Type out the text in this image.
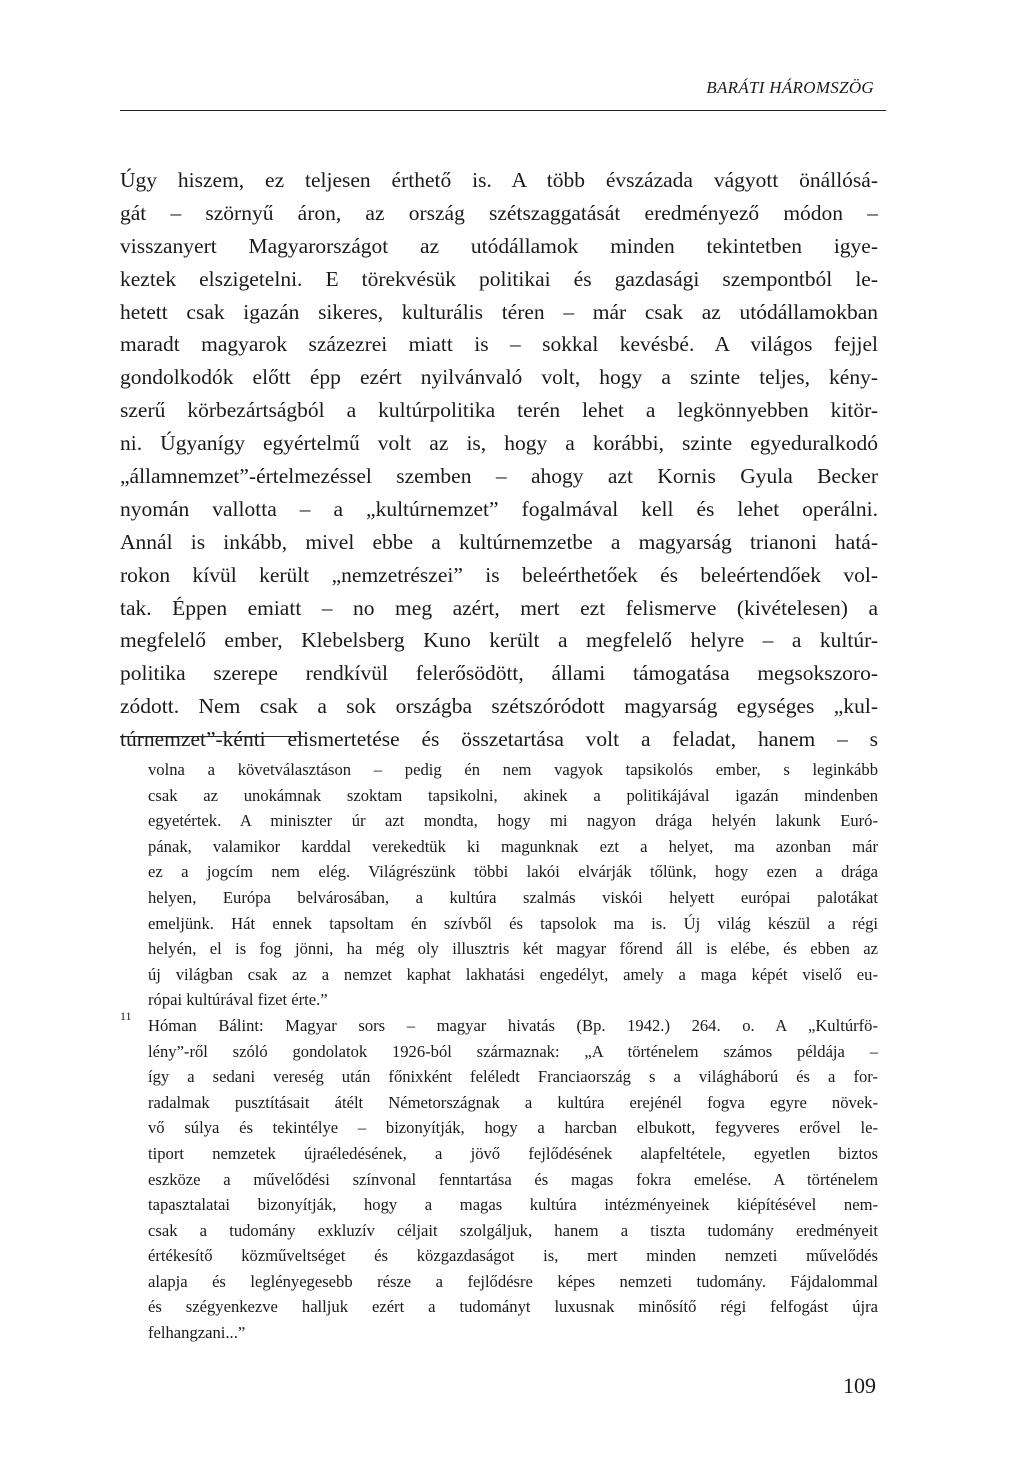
BARÁTI HÁROMSZÖG
Úgy hiszem, ez teljesen érthető is. A több évszázada vágyott önállósá-
gát – szörnyű áron, az ország szétszaggatását eredményező módon –
visszanyert Magyarországot az utódállamok minden tekintetben igye-
keztek elszigetelni. E törekvésük politikai és gazdasági szempontból le-
hetett csak igazán sikeres, kulturális téren – már csak az utódállamokban
maradt magyarok százezrei miatt is – sokkal kevésbé. A világos fejjel
gondolkodók előtt épp ezért nyilvánvaló volt, hogy a szinte teljes, kény-
szerű körbezártságból a kultúrpolitika terén lehet a legkönnyebben kitör-
ni. Úgyanígy egyértelmű volt az is, hogy a korábbi, szinte egyeduralkodó
„államnemzet”-értelmezéssel szemben – ahogy azt Kornis Gyula Becker
nyomán vallotta – a „kultúrnemzet” fogalmával kell és lehet operálni.
Annál is inkább, mivel ebbe a kultúrnemzetbe a magyarság trianoni hatá-
rokon kívül került „nemzetrészei” is beleérthetőek és beleértendőek vol-
tak. Éppen emiatt – no meg azért, mert ezt felismerve (kivételesen) a
megfelelő ember, Klebelsberg Kuno került a megfelelő helyre – a kultúr-
politika szerepe rendkívül felerősödött, állami támogatása megsokszoro-
zódott. Nem csak a sok országba szétszóródott magyarság egységes „kul-
túrnemzet”-kénti elismertetése és összetartása volt a feladat, hanem – s
volna a követválasztáson – pedig én nem vagyok tapsikolós ember, s leginkább
csak az unokámnak szoktam tapsikolni, akinek a politikájával igazán mindenben
egyetértek. A miniszter úr azt mondta, hogy mi nagyon drága helyén lakunk Euró-
pának, valamikor karddal verekedtük ki magunknak ezt a helyet, ma azonban már
ez a jogcím nem elég. Világrészünk többi lakói elvárják tőlünk, hogy ezen a drága
helyen, Európa belvárosában, a kultúra szalmás viskói helyett európai palotákat
emeljünk. Hát ennek tapsoltam én szívből és tapsolok ma is. Új világ készül a régi
helyén, el is fog jönni, ha még oly illusztris két magyar főrend áll is elébe, és ebben az
új világban csak az a nemzet kaphat lakhatási engedélyt, amely a maga képét viselő eu-
rópai kultúrával fizet érte.”
11 Hóman Bálint: Magyar sors – magyar hivatás (Bp. 1942.) 264. o. A „Kultúrfö-
lény”-ről szóló gondolatok 1926-ból származnak: „A történelem számos példája –
így a sedani vereség után főnixként feléledt Franciaország s a világháború és a for-
radalmak pusztításait átélt Németországnak a kultúra erejénél fogva egyre növek-
vő súlya és tekintélye – bizonyítják, hogy a harcban elbukott, fegyveres erővel le-
tiport nemzetek újraéledésének, a jövő fejlődésének alapfeltétele, egyetlen biztos
eszköze a művelődési színvonal fenntartása és magas fokra emelése. A történelem
tapasztalatai bizonyítják, hogy a magas kultúra intézményeinek kiépítésével nem-
csak a tudomány exkluzív céljait szolgáljuk, hanem a tiszta tudomány eredményeit
értékesítő közműveltséget és közgazdaságot is, mert minden nemzeti művelődés
alapja és leglényegesebb része a fejlődésre képes nemzeti tudomány. Fájdalommal
és szégyenkezve halljuk ezért a tudományt luxusnak minősítő régi felfogást újra
felhangzani...”
109
